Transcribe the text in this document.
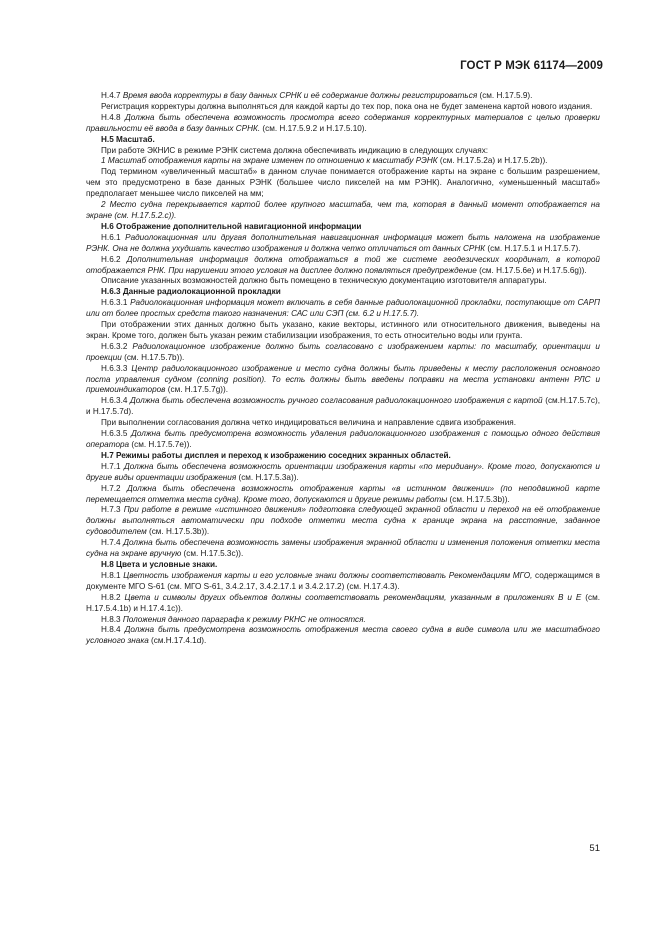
ГОСТ Р МЭК 61174—2009

Н.4.7 Время ввода корректуры в базу данных СРНК и её содержание должны регистрироваться (см. Н.17.5.9).

Регистрация корректуры должна выполняться для каждой карты до тех пор, пока она не будет заменена картой нового издания.

Н.4.8 Должна быть обеспечена возможность просмотра всего содержания корректурных материалов с целью проверки правильности её ввода в базу данных СРНК. (см. Н.17.5.9.2 и Н.17.5.10).

Н.5 Масштаб.

При работе ЭКНИС в режиме РЭНК система должна обеспечивать индикацию в следующих случаях:

1 Масштаб отображения карты на экране изменен по отношению к масштабу РЭНК (см. Н.17.5.2а) и Н.17.5.2b)).

Под термином «увеличенный масштаб» в данном случае понимается отображение карты на экране с большим разрешением, чем это предусмотрено в базе данных РЭНК (большее число пикселей на мм РЭНК). Аналогично, «уменьшенный масштаб» предполагает меньшее число пикселей на мм;

2 Место судна перекрывается картой более крупного масштаба, чем та, которая в данный момент отображается на экране (см. Н.17.5.2.с)).

Н.6 Отображение дополнительной навигационной информации

Н.6.1 Радиолокационная или другая дополнительная навигационная информация может быть наложена на изображение РЭНК. Она не должна ухудшать качество изображения и должна четко отличаться от данных СРНК (см. Н.17.5.1 и Н.17.5.7).

Н.6.2 Дополнительная информация должна отображаться в той же системе геодезических координат, в которой отображается РНК. При нарушении этого условия на дисплее должно появляться предупреждение (см. Н.17.5.6е) и Н.17.5.6g)).

Описание указанных возможностей должно быть помещено в техническую документацию изготовителя аппаратуры.

Н.6.3 Данные радиолокационной прокладки

Н.6.3.1 Радиолокационная информация может включать в себя данные радиолокационной прокладки, поступающие от САРП или от более простых средств такого назначения: САС или СЭП (см. 6.2 и Н.17.5.7).

При отображении этих данных должно быть указано, какие векторы, истинного или относительного движения, выведены на экран. Кроме того, должен быть указан режим стабилизации изображения, то есть относительно воды или грунта.

Н.6.3.2 Радиолокационное изображение должно быть согласовано с изображением карты: по масштабу, ориентации и проекции (см. Н.17.5.7b)).

Н.6.3.3 Центр радиолокационного изображение и место судна должны быть приведены к месту расположения основного поста управления судном (conning position). То есть должны быть введены поправки на места установки антенн РЛС и приемоиндикаторов (см. Н.17.5.7g)).

Н.6.3.4 Должна быть обеспечена возможность ручного согласования радиолокационного изображения с картой (см.Н.17.5.7с), и Н.17.5.7d).

При выполнении согласования должна четко индицироваться величина и направление сдвига изображения.

Н.6.3.5 Должна быть предусмотрена возможность удаления радиолокационного изображения с помощью одного действия оператора (см. Н.17.5.7е)).

Н.7 Режимы работы дисплея и переход к изображению соседних экранных областей.

Н.7.1 Должна быть обеспечена возможность ориентации изображения карты «по меридиану». Кроме того, допускаются и другие виды ориентации изображения (см. Н.17.5.3а)).

Н.7.2 Должна быть обеспечена возможность отображения карты «в истинном движении» (по неподвижной карте перемещается отметка места судна). Кроме того, допускаются и другие режимы работы (см. Н.17.5.3b)).

Н.7.3 При работе в режиме «истинного движения» подготовка следующей экранной области и переход на её отображение должны выполняться автоматически при подходе отметки места судна к границе экрана на расстояние, заданное судоводителем (см. Н.17.5.3b)).

Н.7.4 Должна быть обеспечена возможность замены изображения экранной области и изменения положения отметки места судна на экране вручную (см. Н.17.5.3с)).

Н.8 Цвета и условные знаки.

Н.8.1 Цветность изображения карты и его условные знаки должны соответствовать Рекомендациям МГО, содержащимся в документе МГО S-61 (см. МГО S-61, 3.4.2.17, 3.4.2.17.1 и 3.4.2.17.2) (см. Н.17.4.3).

Н.8.2 Цвета и символы других объектов должны соответствовать рекомендациям, указанным в приложениях В и Е (см. Н.17.5.4.1b) и Н.17.4.1с)).

Н.8.3 Положения данного параграфа к режиму РКНС не относятся.

Н.8.4 Должна быть предусмотрена возможность отображения места своего судна в виде символа или же масштабного условного знака (см.Н.17.4.1d).

51
